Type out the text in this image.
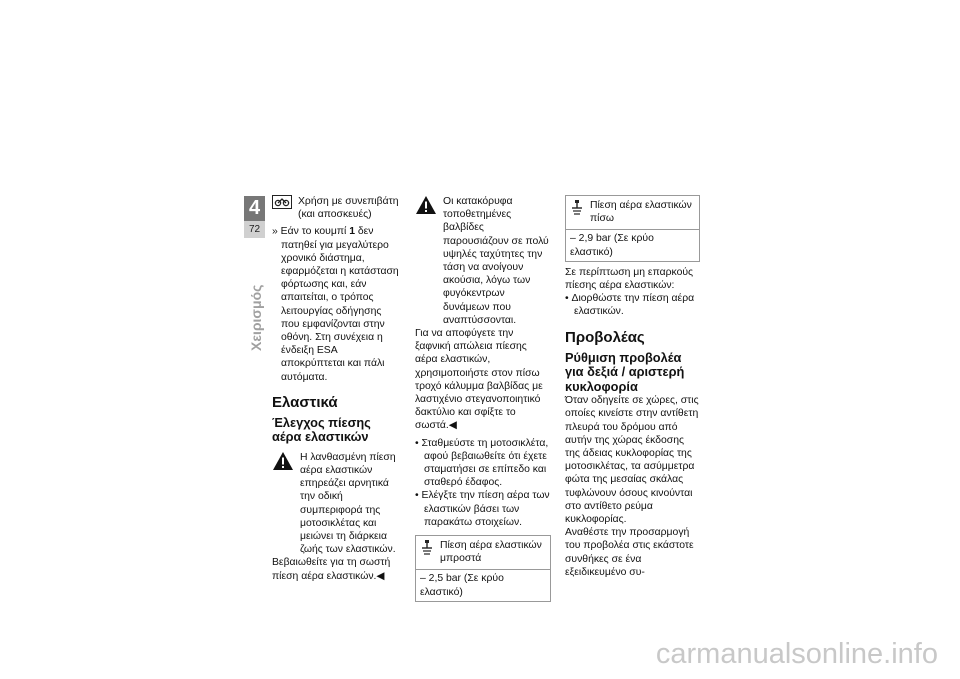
4
72
Χειρισμός

Χρήση με συνεπιβάτη (και αποσκευές)

» Εάν το κουμπί 1 δεν πατηθεί για μεγαλύτερο χρονικό διάστημα, εφαρμόζεται η κατάσταση φόρτωσης και, εάν απαιτείται, ο τρόπος λειτουργίας οδήγησης που εμφανίζονται στην οθόνη. Στη συνέχεια η ένδειξη ESA αποκρύπτεται και πάλι αυτόματα.

Ελαστικά
Έλεγχος πίεσης αέρα ελαστικών

Η λανθασμένη πίεση αέρα ελαστικών επηρεάζει αρνητικά την οδική συμπεριφορά της μοτοσικλέτας και μειώνει τη διάρκεια ζωής των ελαστικών.

Βεβαιωθείτε για τη σωστή πίεση αέρα ελαστικών.◀

Οι κατακόρυφα τοποθετημένες βαλβίδες παρουσιάζουν σε πολύ υψηλές ταχύτητες την τάση να ανοίγουν ακούσια, λόγω των φυγόκεντρων δυνάμεων που αναπτύσσονται.

Για να αποφύγετε την ξαφνική απώλεια πίεσης αέρα ελαστικών, χρησιμοποιήστε στον πίσω τροχό κάλυμμα βαλβίδας με λαστιχένιο στεγανοποιητικό δακτύλιο και σφίξτε το σωστά.◀

• Σταθμεύστε τη μοτοσικλέτα, αφού βεβαιωθείτε ότι έχετε σταματήσει σε επίπεδο και σταθερό έδαφος.

• Ελέγξτε την πίεση αέρα των ελαστικών βάσει των παρακάτω στοιχείων.

Πίεση αέρα ελαστικών μπροστά

– 2,5 bar (Σε κρύο ελαστικό)

Πίεση αέρα ελαστικών πίσω

– 2,9 bar (Σε κρύο ελαστικό)

Σε περίπτωση μη επαρκούς πίεσης αέρα ελαστικών:

• Διορθώστε την πίεση αέρα ελαστικών.

Προβολέας
Ρύθμιση προβολέα για δεξιά / αριστερή κυκλοφορία

Όταν οδηγείτε σε χώρες, στις οποίες κινείστε στην αντίθετη πλευρά του δρόμου από αυτήν της χώρας έκδοσης της άδειας κυκλοφορίας της μοτοσικλέτας, τα ασύμμετρα φώτα της μεσαίας σκάλας τυφλώνουν όσους κινούνται στο αντίθετο ρεύμα κυκλοφορίας.

Αναθέστε την προσαρμογή του προβολέα στις εκάστοτε συνθήκες σε ένα εξειδικευμένο συ-

carmanualsonline.info
